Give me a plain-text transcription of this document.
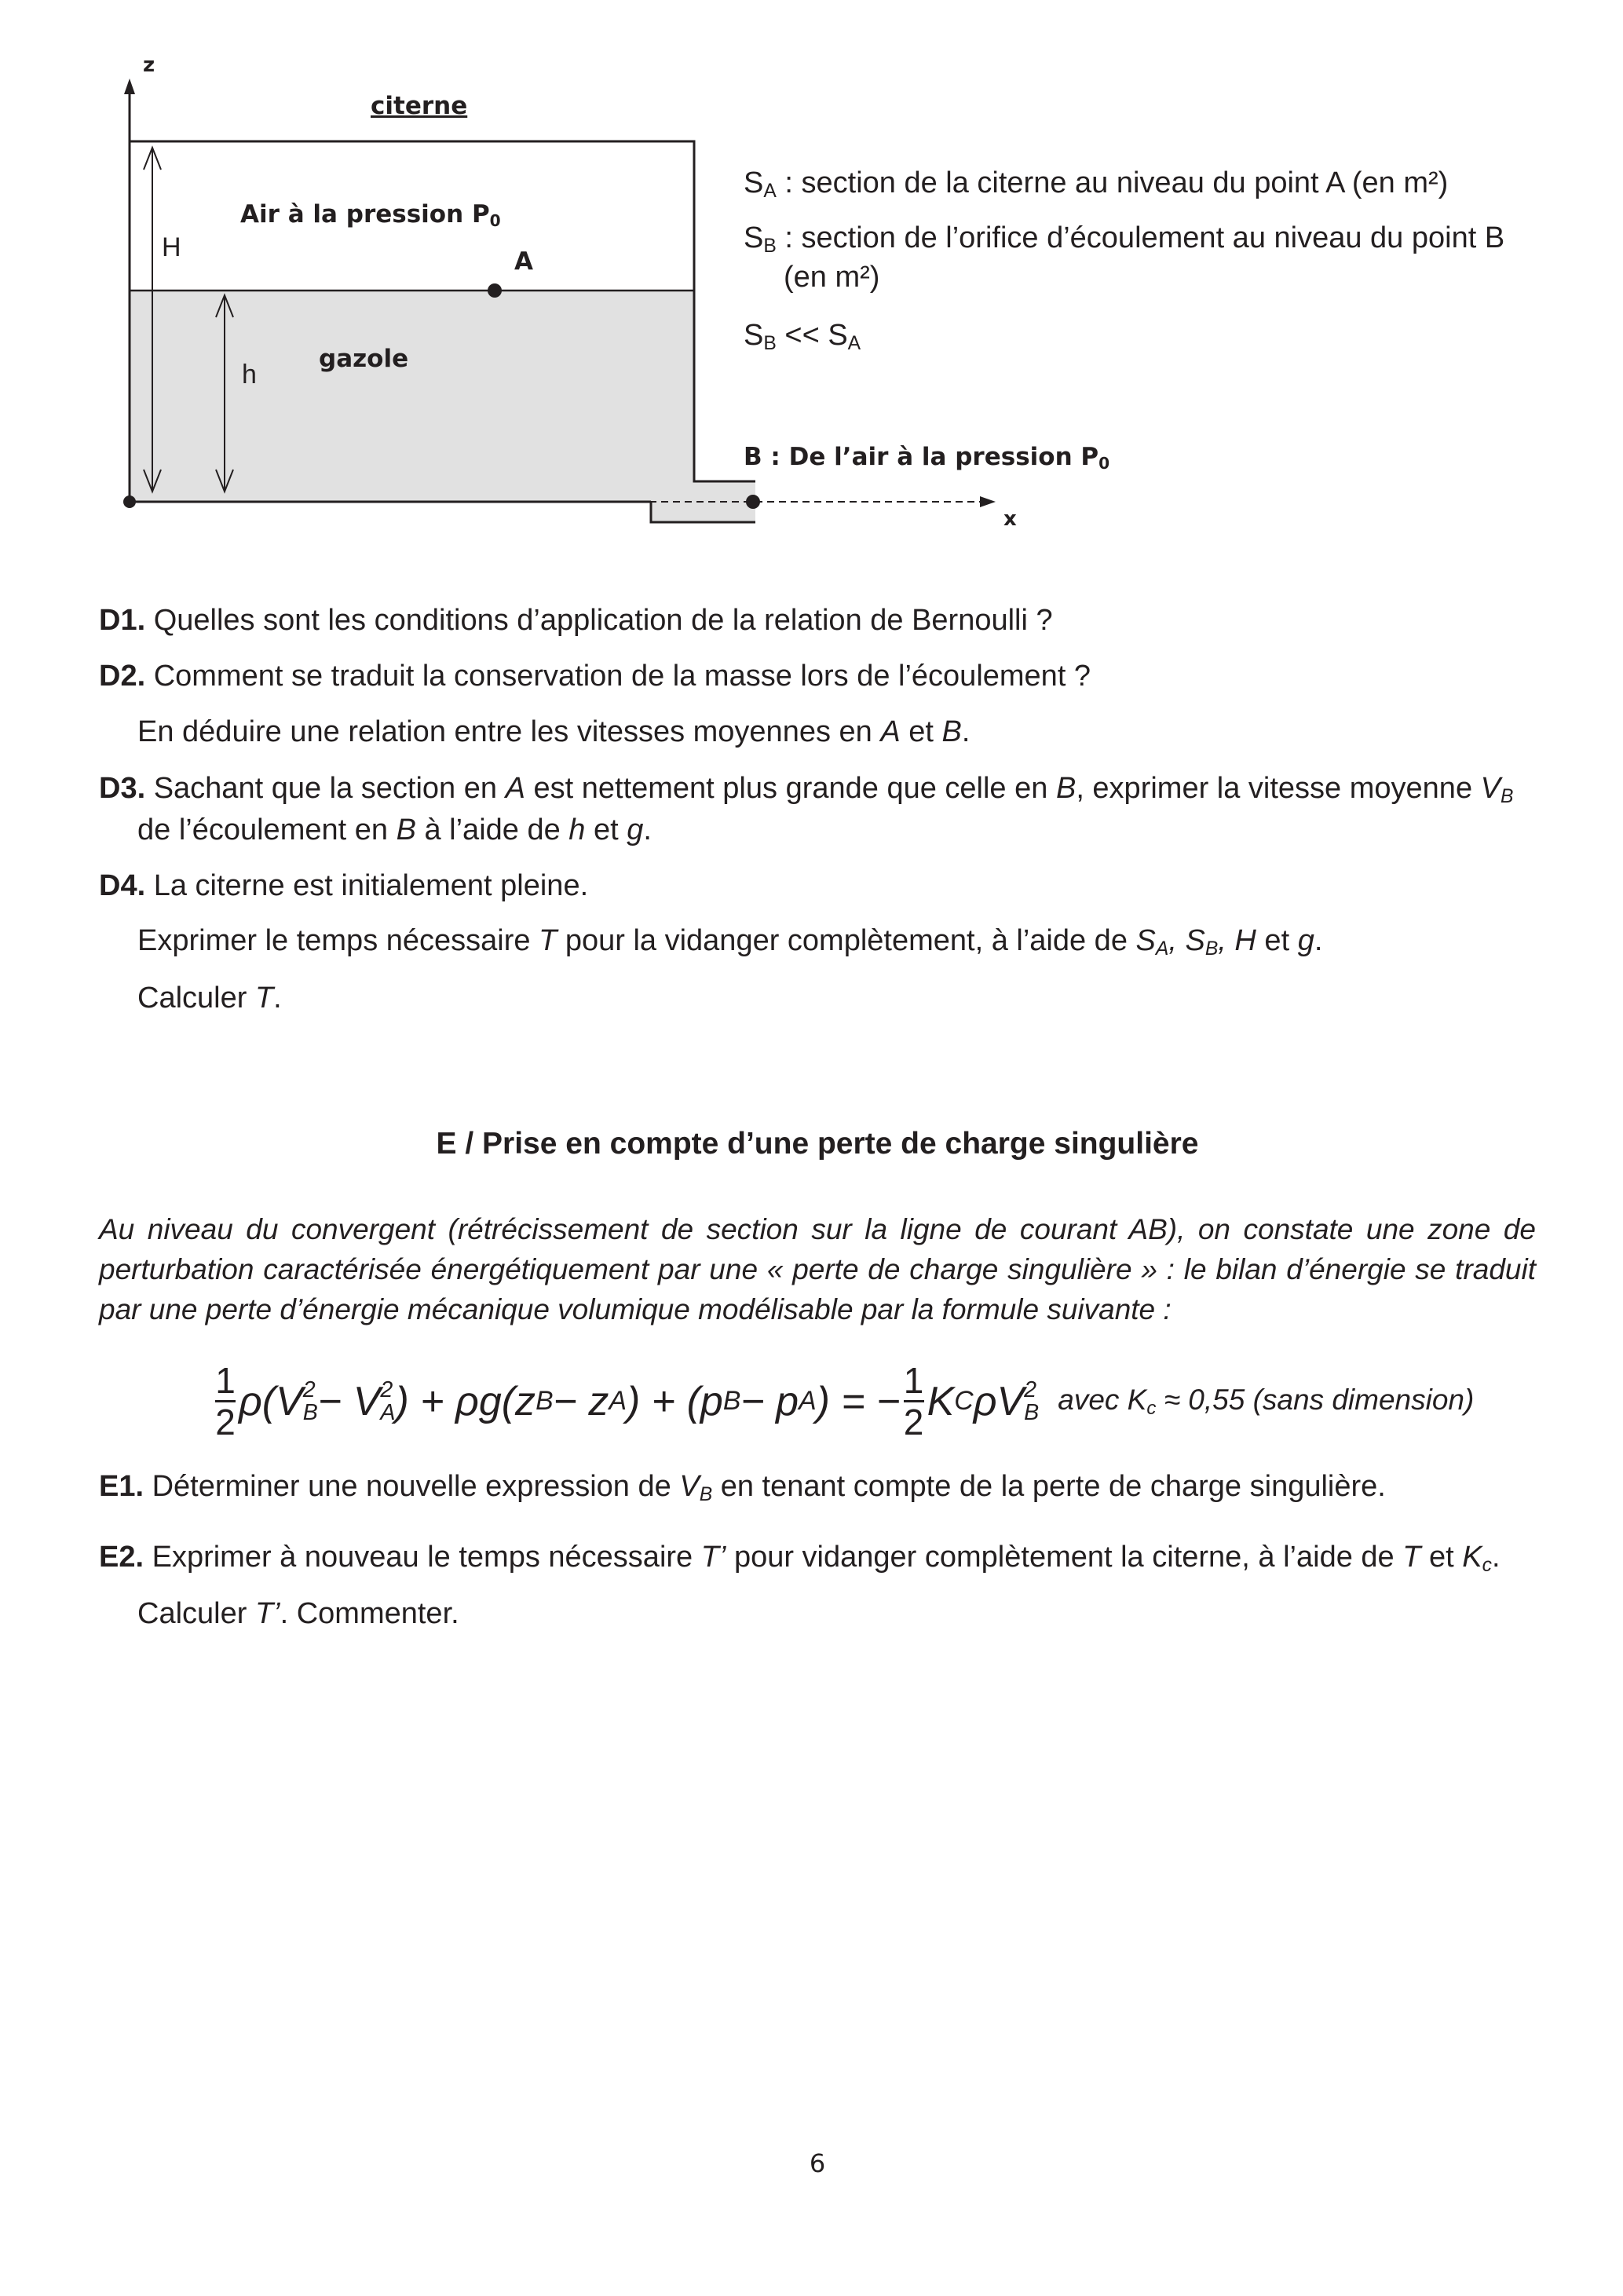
z
citerne
Air à la pression $P_0$
A
H
h
gazole
B : De l’air à la pression $P_0$
x
$S_A$ : section de la citerne au niveau du point A (en m²)
$S_B$ : section de l’orifice d’écoulement au niveau du point B
(en m²)
$S_B << S_A$
D1. Quelles sont les conditions d’application de la relation de Bernoulli ?
D2. Comment se traduit la conservation de la masse lors de l’écoulement ?
En déduire une relation entre les vitesses moyennes en A et B.
D3. Sachant que la section en A est nettement plus grande que celle en B, exprimer la vitesse moyenne $V_B$
de l’écoulement en B à l’aide de h et g.
D4. La citerne est initialement pleine.
Exprimer le temps nécessaire T pour la vidanger complètement, à l’aide de $S_A$, $S_B$, H et g.
Calculer T.
E / Prise en compte d’une perte de charge singulière
Au niveau du convergent (rétrécissement de section sur la ligne de courant AB), on constate une zone de perturbation caractérisée énergétiquement par une « perte de charge singulière » : le bilan d’énergie se traduit par une perte d’énergie mécanique volumique modélisable par la formule suivante :
$\frac{1}{2} \rho(V$ 2
B − V 2
A ) + ρg(z B − z A ) + (p B − p A ) = − $\frac{1}{2}$ K C ρV 2
B avec $K_c \approx 0,55$ (sans dimension)
E1. Déterminer une nouvelle expression de $V_B$ en tenant compte de la perte de charge singulière.
E2. Exprimer à nouveau le temps nécessaire T’ pour vidanger complètement la citerne, à l’aide de T et $K_c$.
Calculer T’. Commenter.
6
